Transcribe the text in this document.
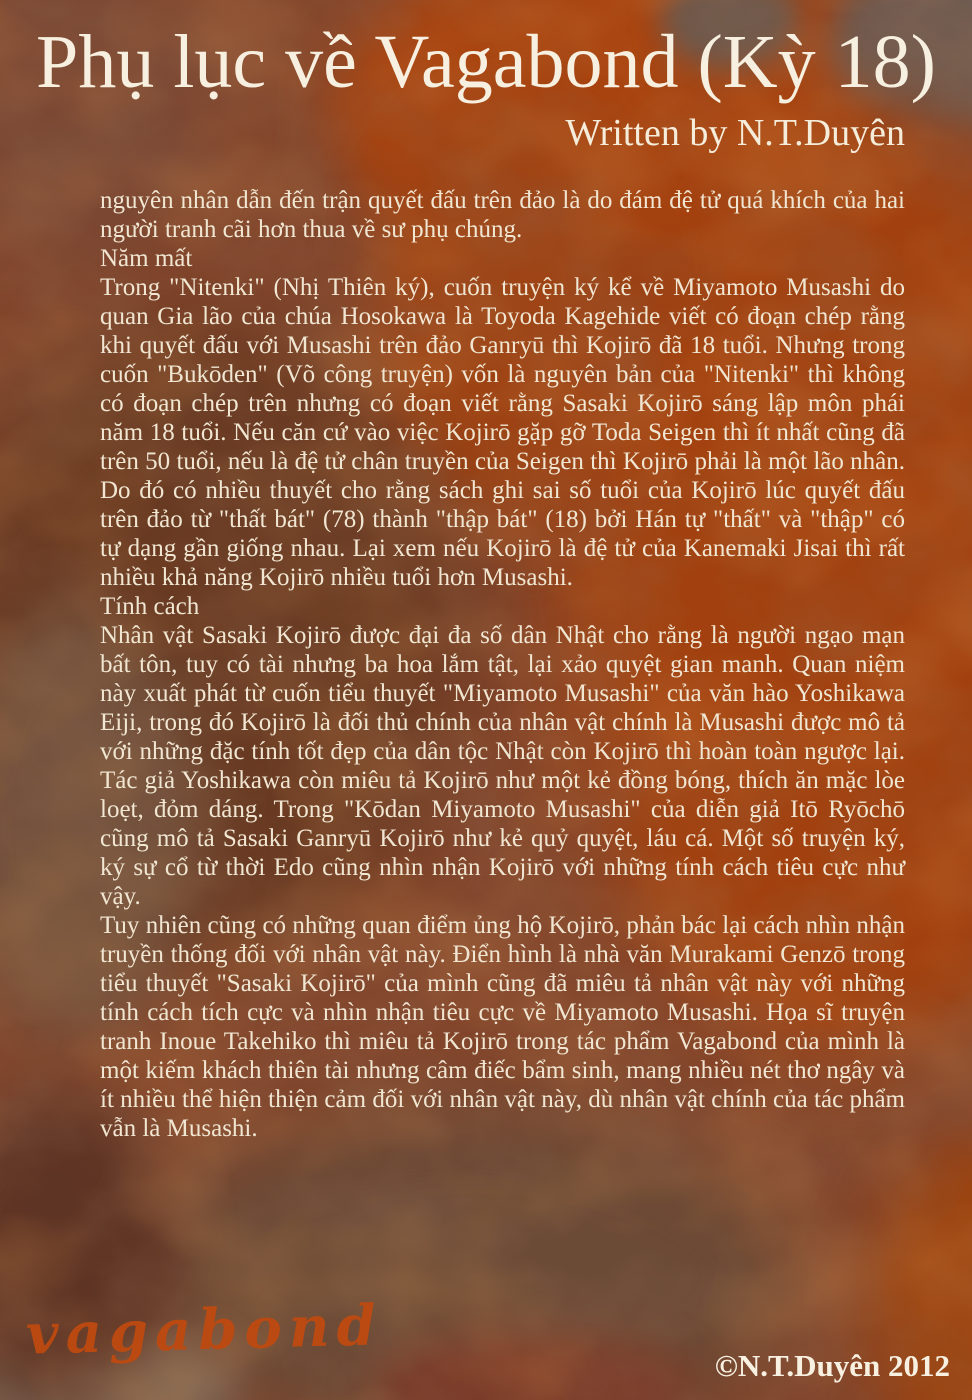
Phụ lục về Vagabond (Kỳ 18)
Written by N.T.Duyên

nguyên nhân dẫn đến trận quyết đấu trên đảo là do đám đệ tử quá khích của hai người tranh cãi hơn thua về sư phụ chúng.

Năm mất

Trong "Nitenki" (Nhị Thiên ký), cuốn truyện ký kể về Miyamoto Musashi do quan Gia lão của chúa Hosokawa là Toyoda Kagehide viết có đoạn chép rằng khi quyết đấu với Musashi trên đảo Ganryū thì Kojirō đã 18 tuổi. Nhưng trong cuốn "Bukōden" (Võ công truyện) vốn là nguyên bản của "Nitenki" thì không có đoạn chép trên nhưng có đoạn viết rằng Sasaki Kojirō sáng lập môn phái năm 18 tuổi. Nếu căn cứ vào việc Kojirō gặp gỡ Toda Seigen thì ít nhất cũng đã trên 50 tuổi, nếu là đệ tử chân truyền của Seigen thì Kojirō phải là một lão nhân. Do đó có nhiều thuyết cho rằng sách ghi sai số tuổi của Kojirō lúc quyết đấu trên đảo từ "thất bát" (78) thành "thập bát" (18) bởi Hán tự "thất" và "thập" có tự dạng gần giống nhau. Lại xem nếu Kojirō là đệ tử của Kanemaki Jisai thì rất nhiều khả năng Kojirō nhiều tuổi hơn Musashi.

Tính cách

Nhân vật Sasaki Kojirō được đại đa số dân Nhật cho rằng là người ngạo mạn bất tôn, tuy có tài nhưng ba hoa lắm tật, lại xảo quyệt gian manh. Quan niệm này xuất phát từ cuốn tiểu thuyết "Miyamoto Musashi" của văn hào Yoshikawa Eiji, trong đó Kojirō là đối thủ chính của nhân vật chính là Musashi được mô tả với những đặc tính tốt đẹp của dân tộc Nhật còn Kojirō thì hoàn toàn ngược lại. Tác giả Yoshikawa còn miêu tả Kojirō như một kẻ đồng bóng, thích ăn mặc lòe loẹt, đỏm dáng. Trong "Kōdan Miyamoto Musashi" của diễn giả Itō Ryōchō cũng mô tả Sasaki Ganryū Kojirō như kẻ quỷ quyệt, láu cá. Một số truyện ký, ký sự cổ từ thời Edo cũng nhìn nhận Kojirō với những tính cách tiêu cực như vậy.

Tuy nhiên cũng có những quan điểm ủng hộ Kojirō, phản bác lại cách nhìn nhận truyền thống đối với nhân vật này. Điển hình là nhà văn Murakami Genzō trong tiểu thuyết "Sasaki Kojirō" của mình cũng đã miêu tả nhân vật này với những tính cách tích cực và nhìn nhận tiêu cực về Miyamoto Musashi. Họa sĩ truyện tranh Inoue Takehiko thì miêu tả Kojirō trong tác phẩm Vagabond của mình là một kiếm khách thiên tài nhưng câm điếc bẩm sinh, mang nhiều nét thơ ngây và ít nhiều thể hiện thiện cảm đối với nhân vật này, dù nhân vật chính của tác phẩm vẫn là Musashi.

vagabond	©N.T.Duyên 2012
